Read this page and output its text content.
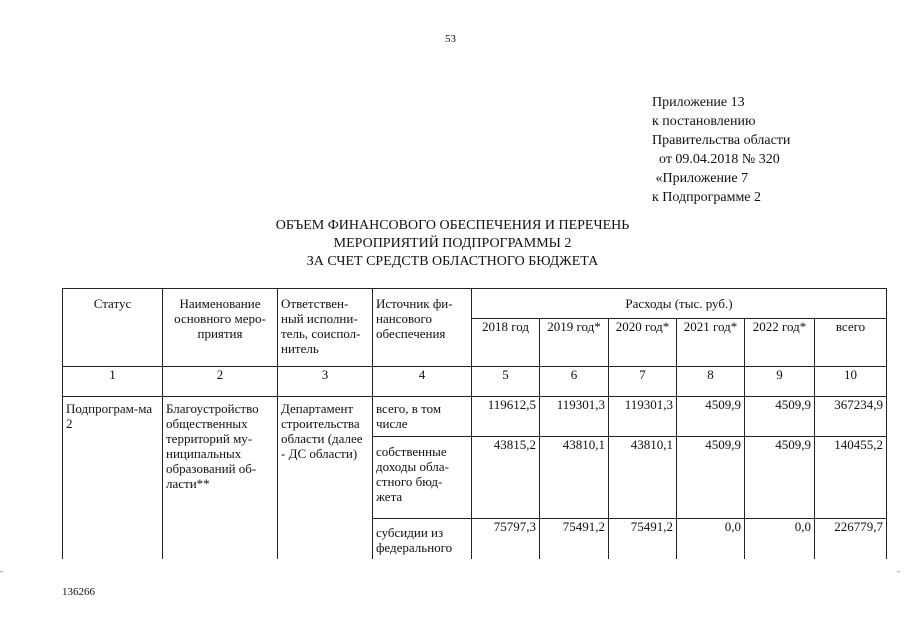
53
Приложение 13
к постановлению
Правительства области
от 09.04.2018 № 320
«Приложение 7
к Подпрограмме 2
ОБЪЕМ ФИНАНСОВОГО ОБЕСПЕЧЕНИЯ И ПЕРЕЧЕНЬ
МЕРОПРИЯТИЙ ПОДПРОГРАММЫ 2
ЗА СЧЕТ СРЕДСТВ ОБЛАСТНОГО БЮДЖЕТА
Статус	Наименование основного меро-приятия	Ответствен-ный исполни-тель, соиспол-нитель	Источник фи-нансового обеспечения	Расходы (тыс. руб.)					
				2018 год	2019 год*	2020 год*	2021 год*	2022 год*	всего
1	2	3	4	5	6	7	8	9	10
Подпрограм-ма 2	Благоустройство общественных территорий му-ниципальных образований об-ласти**	Департамент строительства области (далее - ДС области)	всего, в том числе	119612,5	119301,3	119301,3	4509,9	4509,9	367234,9
			собственные доходы обла-стного бюд-жета	43815,2	43810,1	43810,1	4509,9	4509,9	140455,2
			субсидии из федерального	75797,3	75491,2	75491,2	0,0	0,0	226779,7
-	-
136266
